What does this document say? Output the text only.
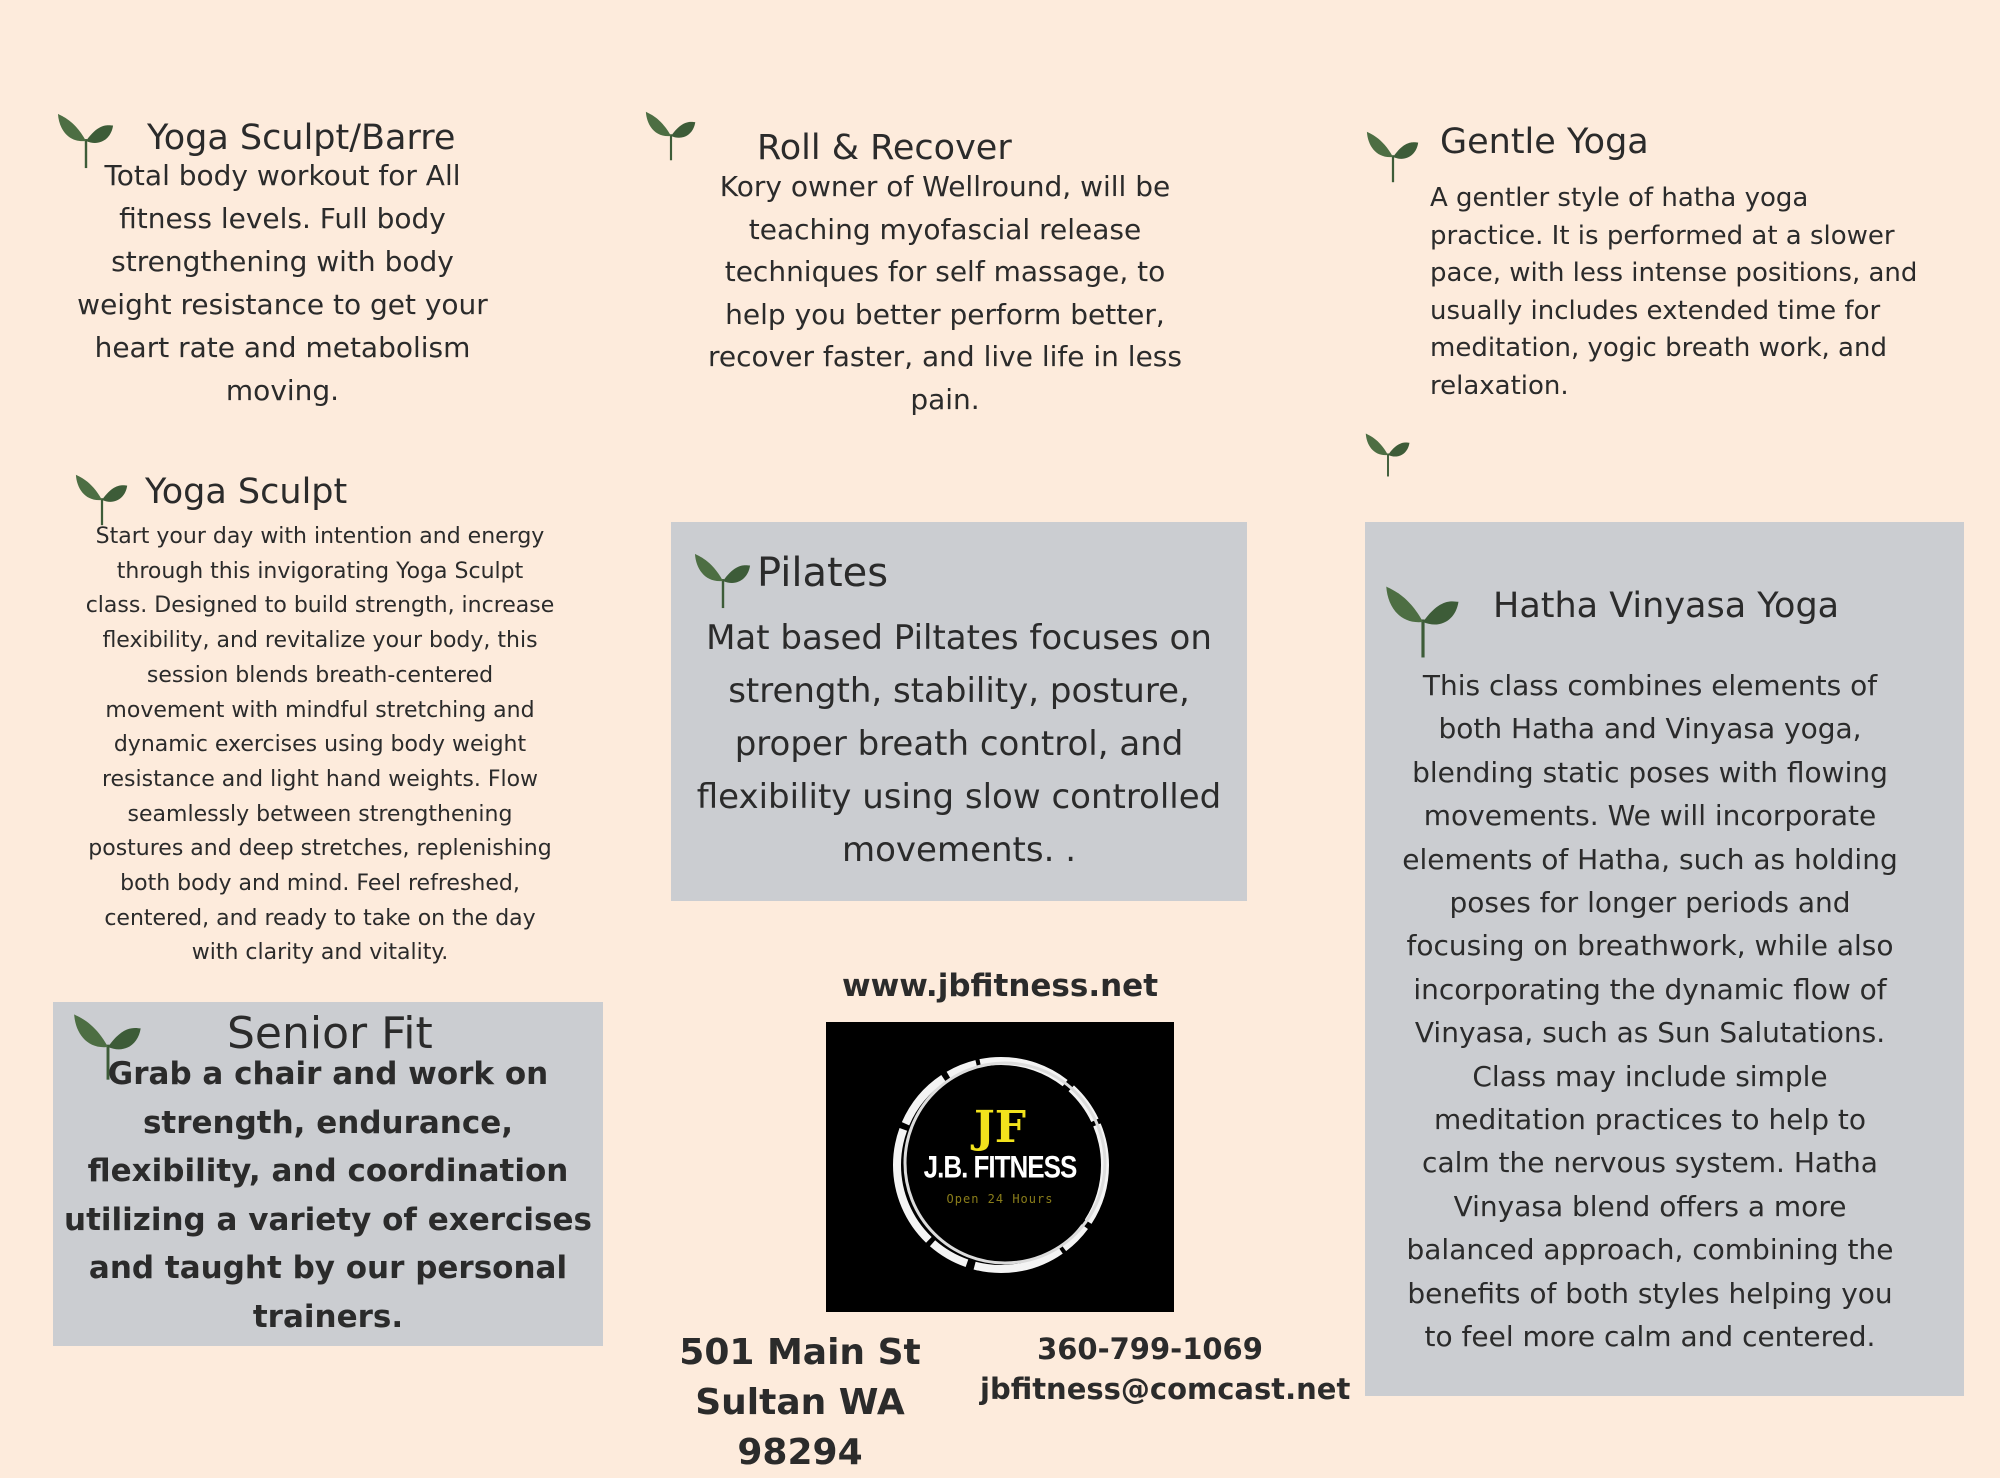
Yoga Sculpt/Barre
Total body workout for All
fitness levels. Full body
strengthening with body
weight resistance to get your
heart rate and metabolism
moving.
Roll & Recover
Kory owner of Wellround, will be
teaching myofascial release
techniques for self massage, to
help you better perform better,
recover faster, and live life in less
pain.
Gentle Yoga
A gentler style of hatha yoga
practice. It is performed at a slower
pace, with less intense positions, and
usually includes extended time for
meditation, yogic breath work, and
relaxation.
Yoga Sculpt
Start your day with intention and energy
through this invigorating Yoga Sculpt
class. Designed to build strength, increase
flexibility, and revitalize your body, this
session blends breath-centered
movement with mindful stretching and
dynamic exercises using body weight
resistance and light hand weights. Flow
seamlessly between strengthening
postures and deep stretches, replenishing
both body and mind. Feel refreshed,
centered, and ready to take on the day
with clarity and vitality.
Pilates
Mat based Piltates focuses on
strength, stability, posture,
proper breath control, and
flexibility using slow controlled
movements. .
Hatha Vinyasa Yoga
This class combines elements of
both Hatha and Vinyasa yoga,
blending static poses with flowing
movements. We will incorporate
elements of Hatha, such as holding
poses for longer periods and
focusing on breathwork, while also
incorporating the dynamic flow of
Vinyasa, such as Sun Salutations.
Class may include simple
meditation practices to help to
calm the nervous system. Hatha
Vinyasa blend offers a more
balanced approach, combining the
benefits of both styles helping you
to feel more calm and centered.
Senior Fit
Grab a chair and work on
strength, endurance,
flexibility, and coordination
utilizing a variety of exercises
and taught by our personal
trainers.
www.jbfitness.net
JF
J.B. FITNESS
Open 24 Hours
501 Main St
Sultan WA 98294
360-799-1069
jbfitness@comcast.net
